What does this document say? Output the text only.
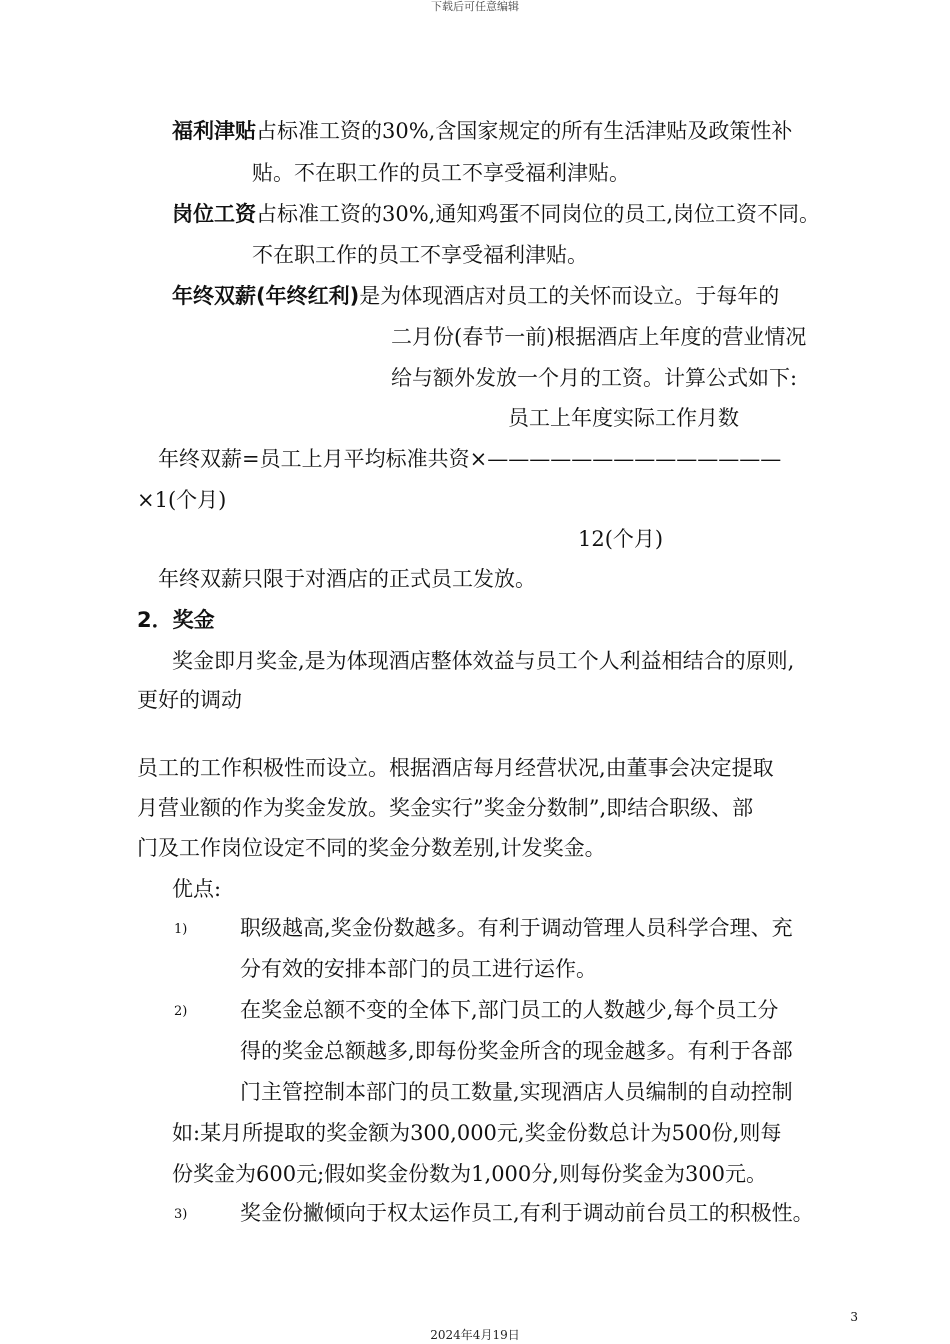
下载后可任意编辑
福利津贴占标准工资的30%,含国家规定的所有生活津贴及政策性补
贴。不在职工作的员工不享受福利津贴。
岗位工资占标准工资的30%,通知鸡蛋不同岗位的员工,岗位工资不同。
不在职工作的员工不享受福利津贴。
年终双薪(年终红利)是为体现酒店对员工的关怀而设立。于每年的
二月份(春节一前)根据酒店上年度的营业情况
给与额外发放一个月的工资。计算公式如下:
员工上年度实际工作月数
年终双薪=员工上月平均标准共资×——————————————
×1(个月)
12(个月)
年终双薪只限于对酒店的正式员工发放。
2．奖金
奖金即月奖金,是为体现酒店整体效益与员工个人利益相结合的原则,
更好的调动
员工的工作积极性而设立。根据酒店每月经营状况,由董事会决定提取
月营业额的作为奖金发放。奖金实行”奖金分数制”,即结合职级、部
门及工作岗位设定不同的奖金分数差别,计发奖金。
优点:
1)	职级越高,奖金份数越多。有利于调动管理人员科学合理、充
分有效的安排本部门的员工进行运作。
2)	在奖金总额不变的全体下,部门员工的人数越少,每个员工分
得的奖金总额越多,即每份奖金所含的现金越多。有利于各部
门主管控制本部门的员工数量,实现酒店人员编制的自动控制
如:某月所提取的奖金额为300,000元,奖金份数总计为500份,则每
份奖金为600元;假如奖金份数为1,000分,则每份奖金为300元。
3)	奖金份撇倾向于权太运作员工,有利于调动前台员工的积极性。
3
2024年4月19日
